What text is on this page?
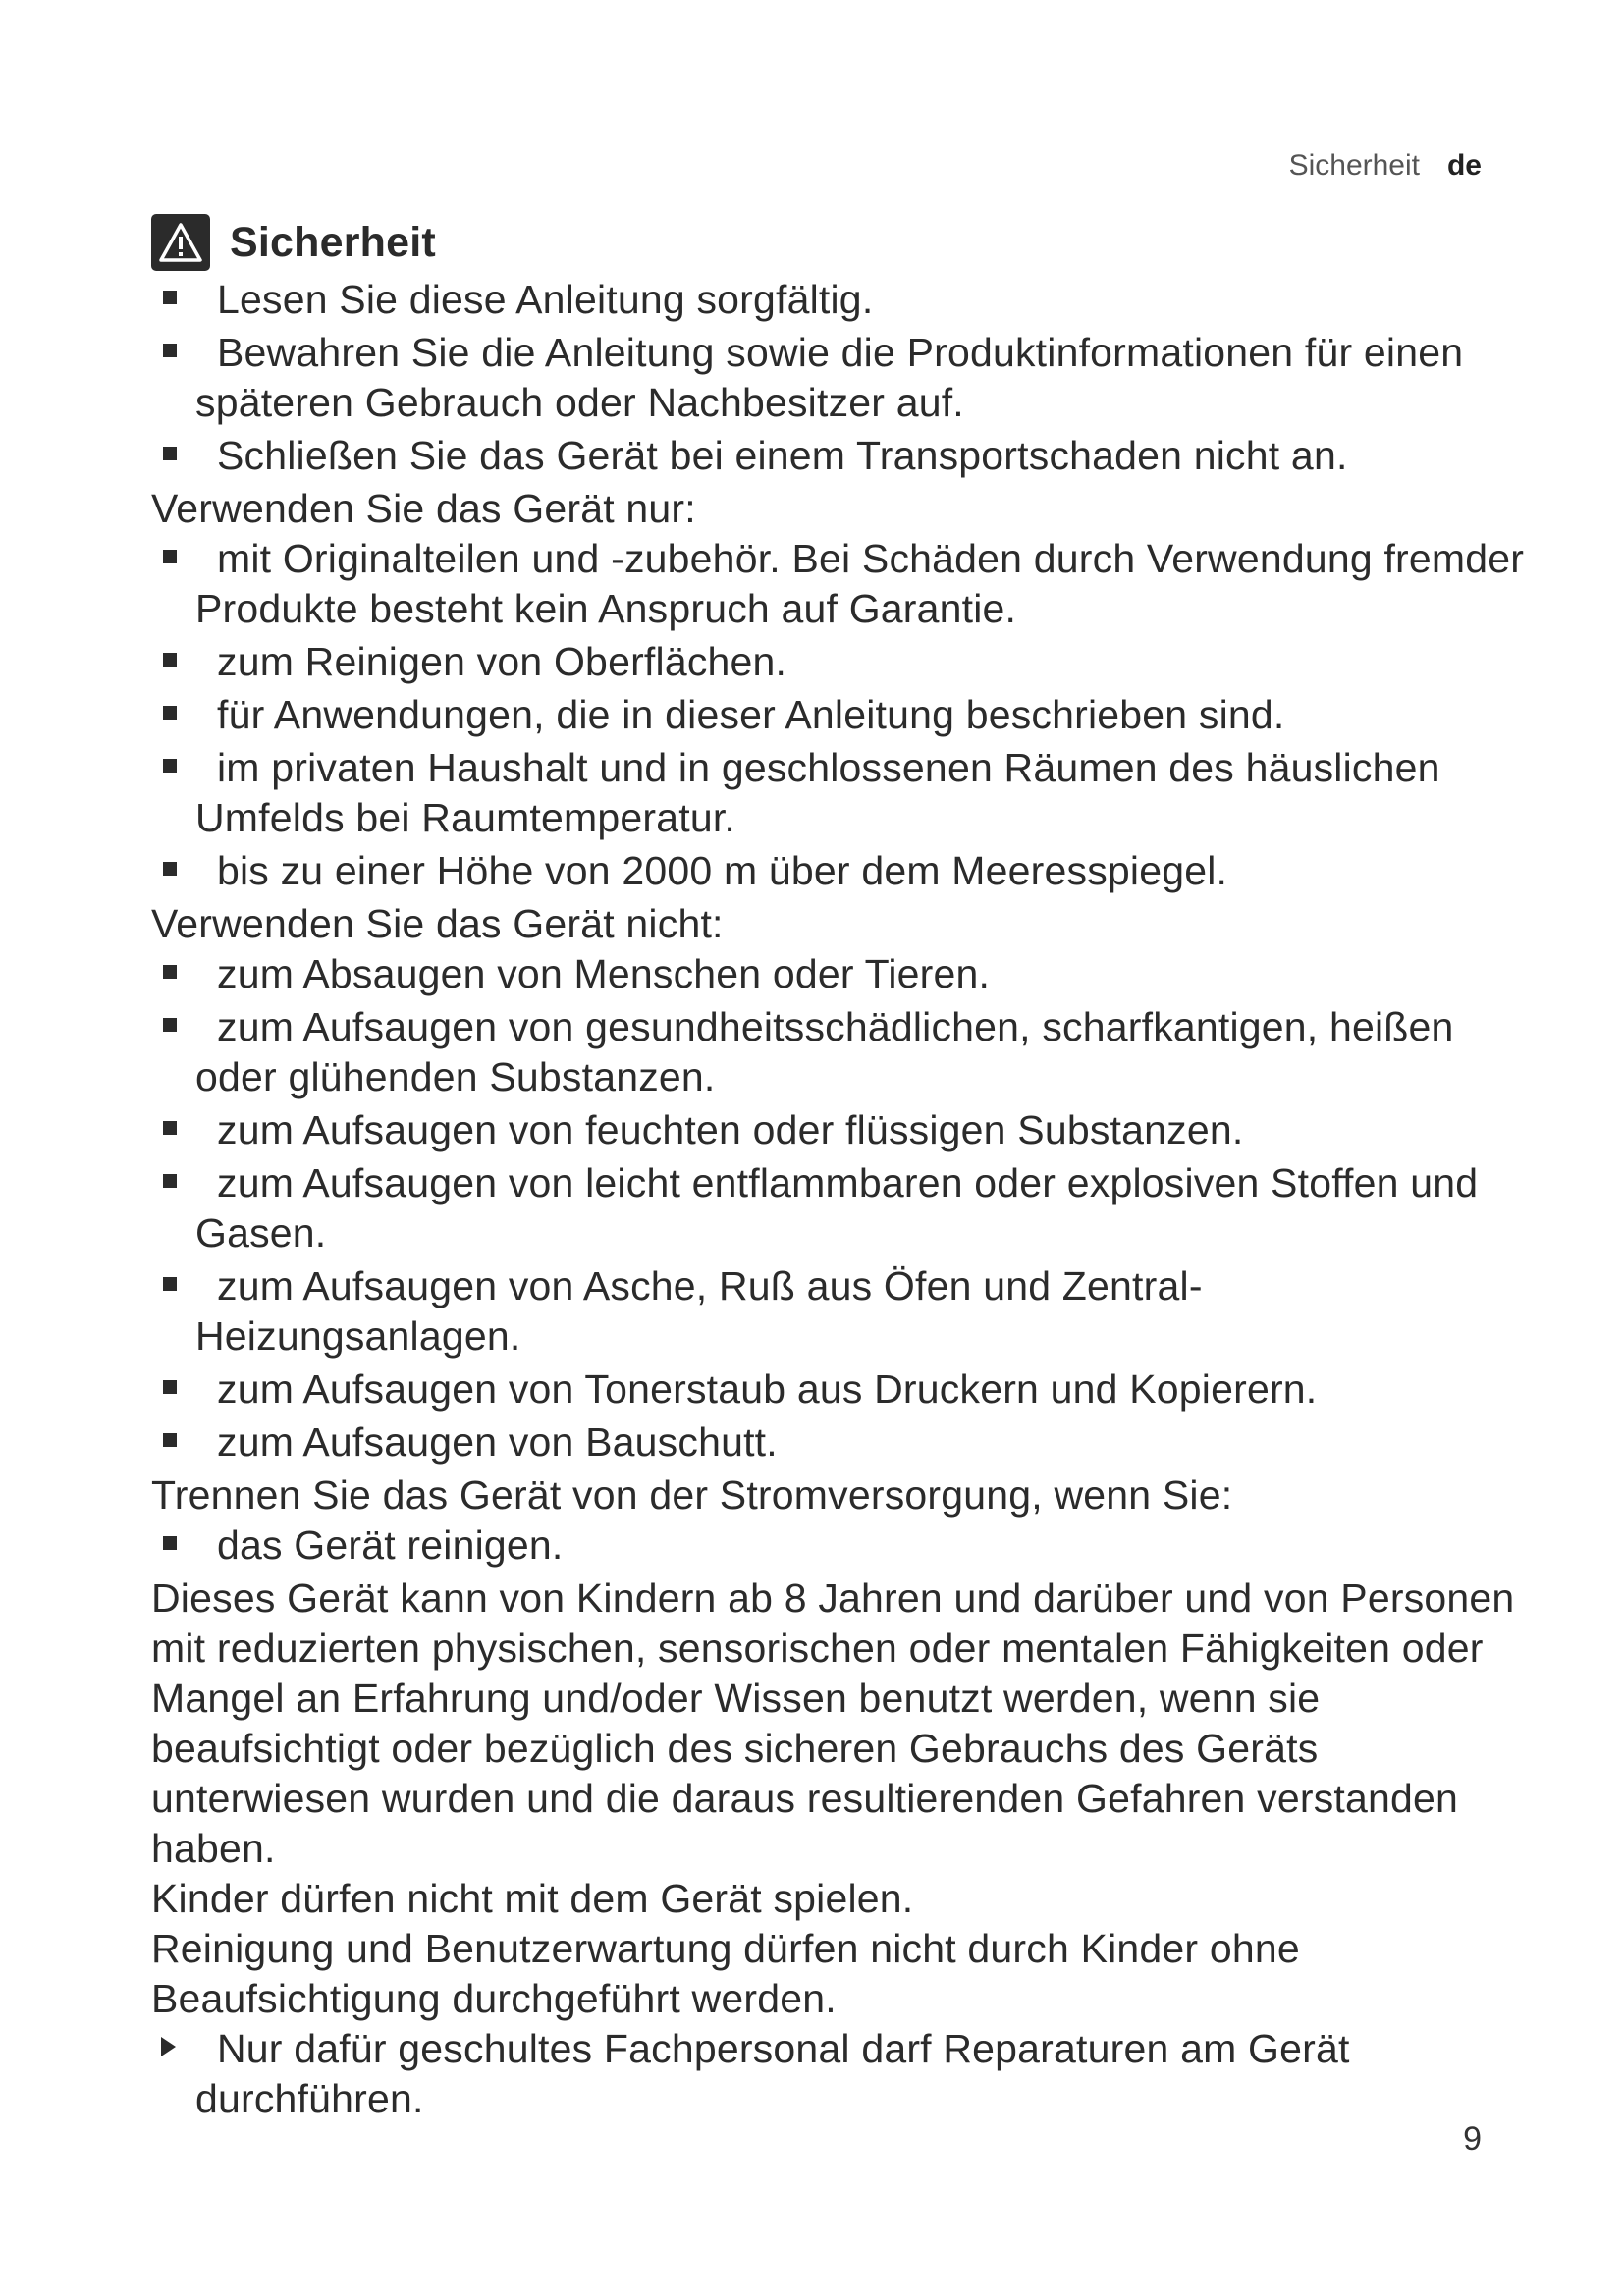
Sicherheit de
Sicherheit
Lesen Sie diese Anleitung sorgfältig.
Bewahren Sie die Anleitung sowie die Produktinformationen für einen späteren Gebrauch oder Nachbesitzer auf.
Schließen Sie das Gerät bei einem Transportschaden nicht an.
Verwenden Sie das Gerät nur:
mit Originalteilen und -zubehör. Bei Schäden durch Verwendung fremder Produkte besteht kein Anspruch auf Garantie.
zum Reinigen von Oberflächen.
für Anwendungen, die in dieser Anleitung beschrieben sind.
im privaten Haushalt und in geschlossenen Räumen des häuslichen Umfelds bei Raumtemperatur.
bis zu einer Höhe von 2000 m über dem Meeresspiegel.
Verwenden Sie das Gerät nicht:
zum Absaugen von Menschen oder Tieren.
zum Aufsaugen von gesundheitsschädlichen, scharfkantigen, heißen oder glühenden Substanzen.
zum Aufsaugen von feuchten oder flüssigen Substanzen.
zum Aufsaugen von leicht entflammbaren oder explosiven Stoffen und Gasen.
zum Aufsaugen von Asche, Ruß aus Öfen und Zentral-Heizungsanlagen.
zum Aufsaugen von Tonerstaub aus Druckern und Kopierern.
zum Aufsaugen von Bauschutt.
Trennen Sie das Gerät von der Stromversorgung, wenn Sie:
das Gerät reinigen.
Dieses Gerät kann von Kindern ab 8 Jahren und darüber und von Personen mit reduzierten physischen, sensorischen oder mentalen Fähigkeiten oder Mangel an Erfahrung und/oder Wissen benutzt werden, wenn sie beaufsichtigt oder bezüglich des sicheren Gebrauchs des Geräts unterwiesen wurden und die daraus resultierenden Gefahren verstanden haben.
Kinder dürfen nicht mit dem Gerät spielen.
Reinigung und Benutzerwartung dürfen nicht durch Kinder ohne Beaufsichtigung durchgeführt werden.
Nur dafür geschultes Fachpersonal darf Reparaturen am Gerät durchführen.
9
